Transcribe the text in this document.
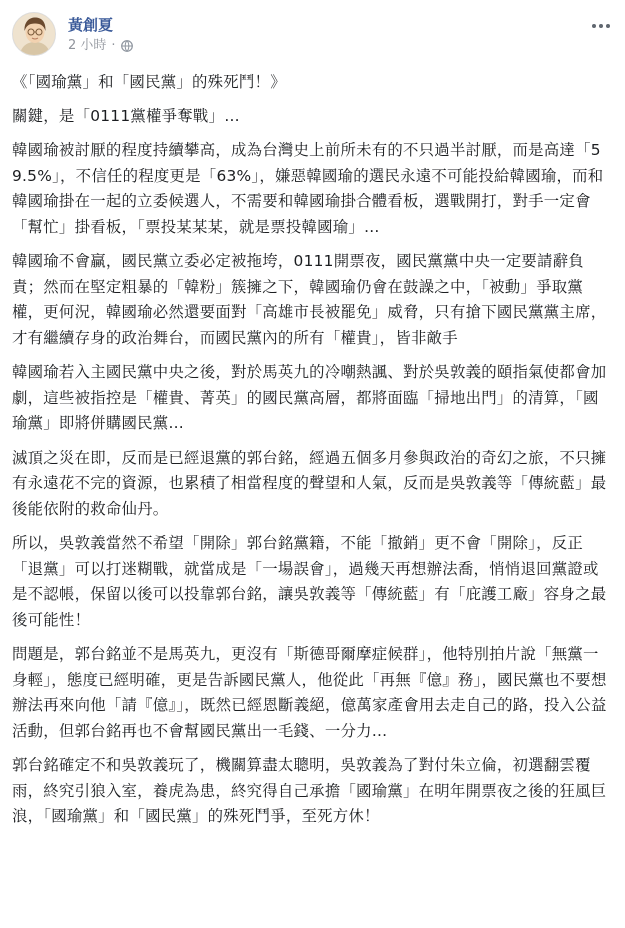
黃創夏
2 小時 ·

《「國瑜黨」和「國民黨」的殊死鬥！》

關鍵，是「0111黨權爭奪戰」…

韓國瑜被討厭的程度持續攀高，成為台灣史上前所未有的不只過半討厭，而是高達「59.5%」，不信任的程度更是「63%」，嫌惡韓國瑜的選民永遠不可能投給韓國瑜，而和韓國瑜掛在一起的立委候選人，不需要和韓國瑜掛合體看板，選戰開打，對手一定會「幫忙」掛看板，「票投某某某，就是票投韓國瑜」…

韓國瑜不會贏，國民黨立委必定被拖垮，0111開票夜，國民黨黨中央一定要請辭負責；然而在堅定粗暴的「韓粉」簇擁之下，韓國瑜仍會在鼓譟之中，「被動」爭取黨權，更何況，韓國瑜必然還要面對「高雄市長被罷免」威脅，只有搶下國民黨黨主席，才有繼續存身的政治舞台，而國民黨內的所有「權貴」，皆非敵手

韓國瑜若入主國民黨中央之後，對於馬英九的冷嘲熱諷、對於吳敦義的頤指氣使都會加劇，這些被指控是「權貴、菁英」的國民黨高層，都將面臨「掃地出門」的清算，「國瑜黨」即將併購國民黨…

滅頂之災在即，反而是已經退黨的郭台銘，經過五個多月參與政治的奇幻之旅，不只擁有永遠花不完的資源，也累積了相當程度的聲望和人氣，反而是吳敦義等「傳統藍」最後能依附的救命仙丹。

所以，吳敦義當然不希望「開除」郭台銘黨籍，不能「撤銷」更不會「開除」，反正「退黨」可以打迷糊戰，就當成是「一場誤會」，過幾天再想辦法喬，悄悄退回黨證或是不認帳，保留以後可以投靠郭台銘，讓吳敦義等「傳統藍」有「庇護工廠」容身之最後可能性！

問題是，郭台銘並不是馬英九，更沒有「斯德哥爾摩症候群」，他特別拍片說「無黨一身輕」，態度已經明確，更是告訴國民黨人，他從此「再無『億』務」，國民黨也不要想辦法再來向他「請『億』」，既然已經恩斷義絕，億萬家產會用去走自己的路，投入公益活動，但郭台銘再也不會幫國民黨出一毛錢、一分力…

郭台銘確定不和吳敦義玩了，機關算盡太聰明，吳敦義為了對付朱立倫，初選翻雲覆雨，終究引狼入室，養虎為患，終究得自己承擔「國瑜黨」在明年開票夜之後的狂風巨浪，「國瑜黨」和「國民黨」的殊死鬥爭，至死方休！
